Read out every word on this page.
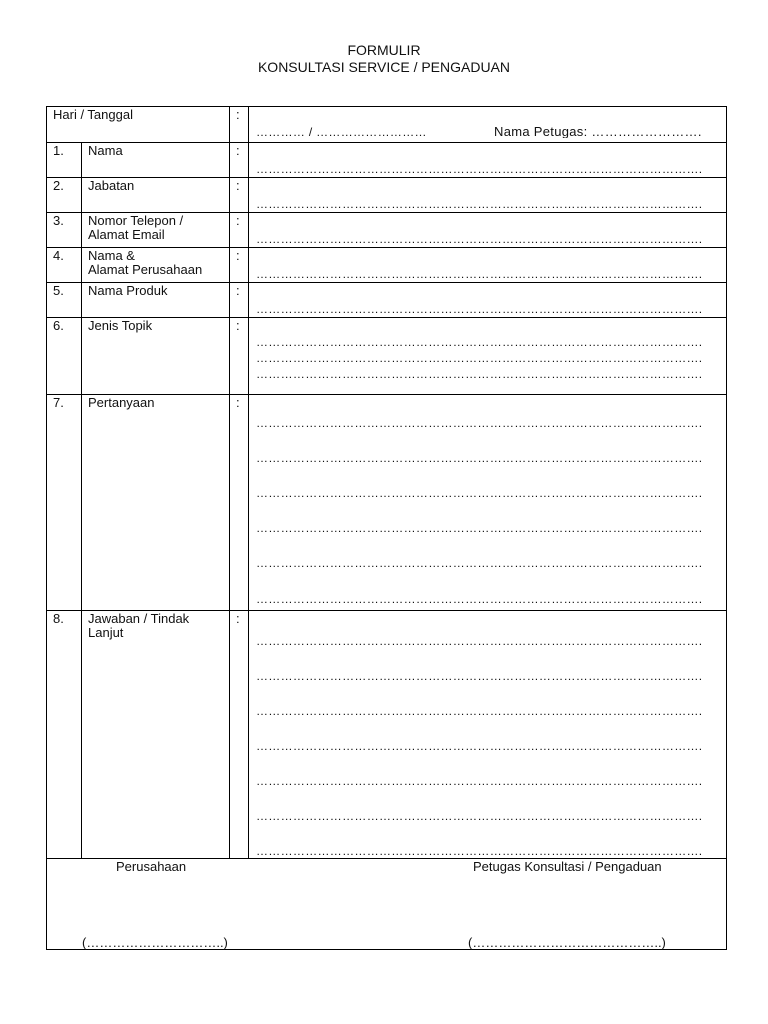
FORMULIR
KONSULTASI SERVICE / PENGADUAN
Hari / Tanggal	:
………… / ………………………	Nama Petugas: …………………….
1. Nama	:
……………………………………………………………………………………………….
2. Jabatan	:
……………………………………………………………………………………………….
3. Nomor Telepon /
Alamat Email
:
……………………………………………………………………………………………….
4. Nama &
Alamat Perusahaan
:
……………………………………………………………………………………………….
5. Nama Produk	:
……………………………………………………………………………………………….
6. Jenis Topik	:
……………………………………………………………………………………………….
……………………………………………………………………………………………….
……………………………………………………………………………………………….
7. Pertanyaan	:
……………………………………………………………………………………………….
……………………………………………………………………………………………….
……………………………………………………………………………………………….
……………………………………………………………………………………………….
……………………………………………………………………………………………….
……………………………………………………………………………………………….
8. Jawaban / Tindak
Lanjut
:
……………………………………………………………………………………………….
……………………………………………………………………………………………….
……………………………………………………………………………………………….
……………………………………………………………………………………………….
……………………………………………………………………………………………….
……………………………………………………………………………………………….
……………………………………………………………………………………………….
Perusahaan	Petugas Konsultasi / Pengaduan
(…………………………..)	(……………………………………..)
